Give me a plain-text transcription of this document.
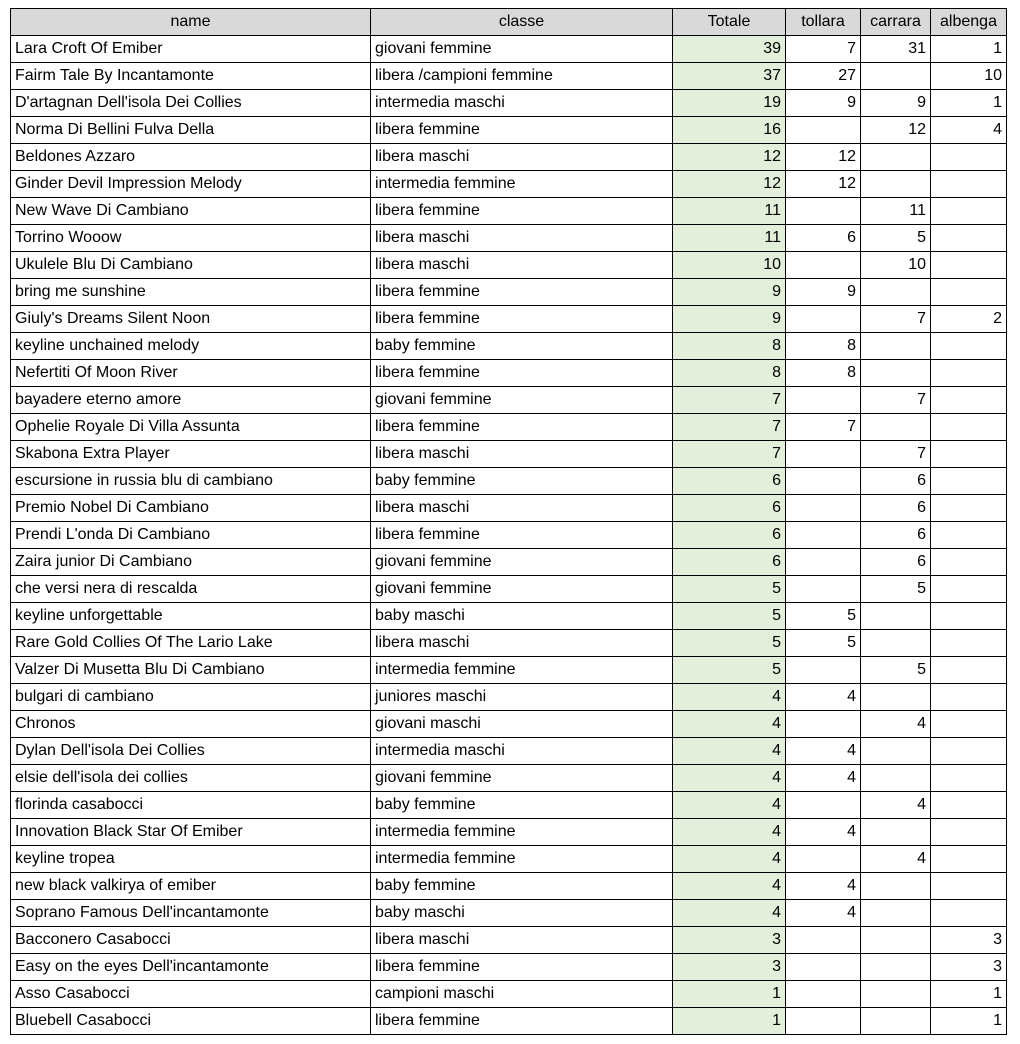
name	classe	Totale	tollara	carrara	albenga
Lara Croft Of Emiber	giovani femmine	39	7	31	1
Fairm Tale By Incantamonte	libera /campioni femmine	37	27		10
D'artagnan Dell'isola Dei Collies	intermedia maschi	19	9	9	1
Norma Di Bellini Fulva Della	libera femmine	16		12	4
Beldones Azzaro	libera maschi	12	12		
Ginder Devil Impression Melody	intermedia femmine	12	12		
New Wave Di Cambiano	libera femmine	11		11	
Torrino Wooow	libera maschi	11	6	5	
Ukulele Blu Di Cambiano	libera maschi	10		10	
bring me sunshine	libera femmine	9	9		
Giuly's Dreams Silent Noon	libera femmine	9		7	2
keyline unchained melody	baby femmine	8	8		
Nefertiti Of Moon River	libera femmine	8	8		
bayadere eterno amore	giovani femmine	7		7	
Ophelie Royale Di Villa Assunta	libera femmine	7	7		
Skabona Extra Player	libera maschi	7		7	
escursione in russia blu di cambiano	baby femmine	6		6	
Premio Nobel Di Cambiano	libera maschi	6		6	
Prendi L'onda Di Cambiano	libera femmine	6		6	
Zaira junior Di Cambiano	giovani femmine	6		6	
che versi nera di rescalda	giovani femmine	5		5	
keyline unforgettable	baby maschi	5	5		
Rare Gold Collies Of The Lario Lake	libera maschi	5	5		
Valzer Di Musetta Blu Di Cambiano	intermedia femmine	5		5	
bulgari di cambiano	juniores maschi	4	4		
Chronos	giovani maschi	4		4	
Dylan Dell'isola Dei Collies	intermedia maschi	4	4		
elsie dell'isola dei collies	giovani femmine	4	4		
florinda casabocci	baby femmine	4		4	
Innovation Black Star Of Emiber	intermedia femmine	4	4		
keyline tropea	intermedia femmine	4		4	
new black valkirya of emiber	baby femmine	4	4		
Soprano Famous Dell'incantamonte	baby maschi	4	4		
Bacconero Casabocci	libera maschi	3			3
Easy on the eyes Dell'incantamonte	libera femmine	3			3
Asso Casabocci	campioni maschi	1			1
Bluebell Casabocci	libera femmine	1			1
